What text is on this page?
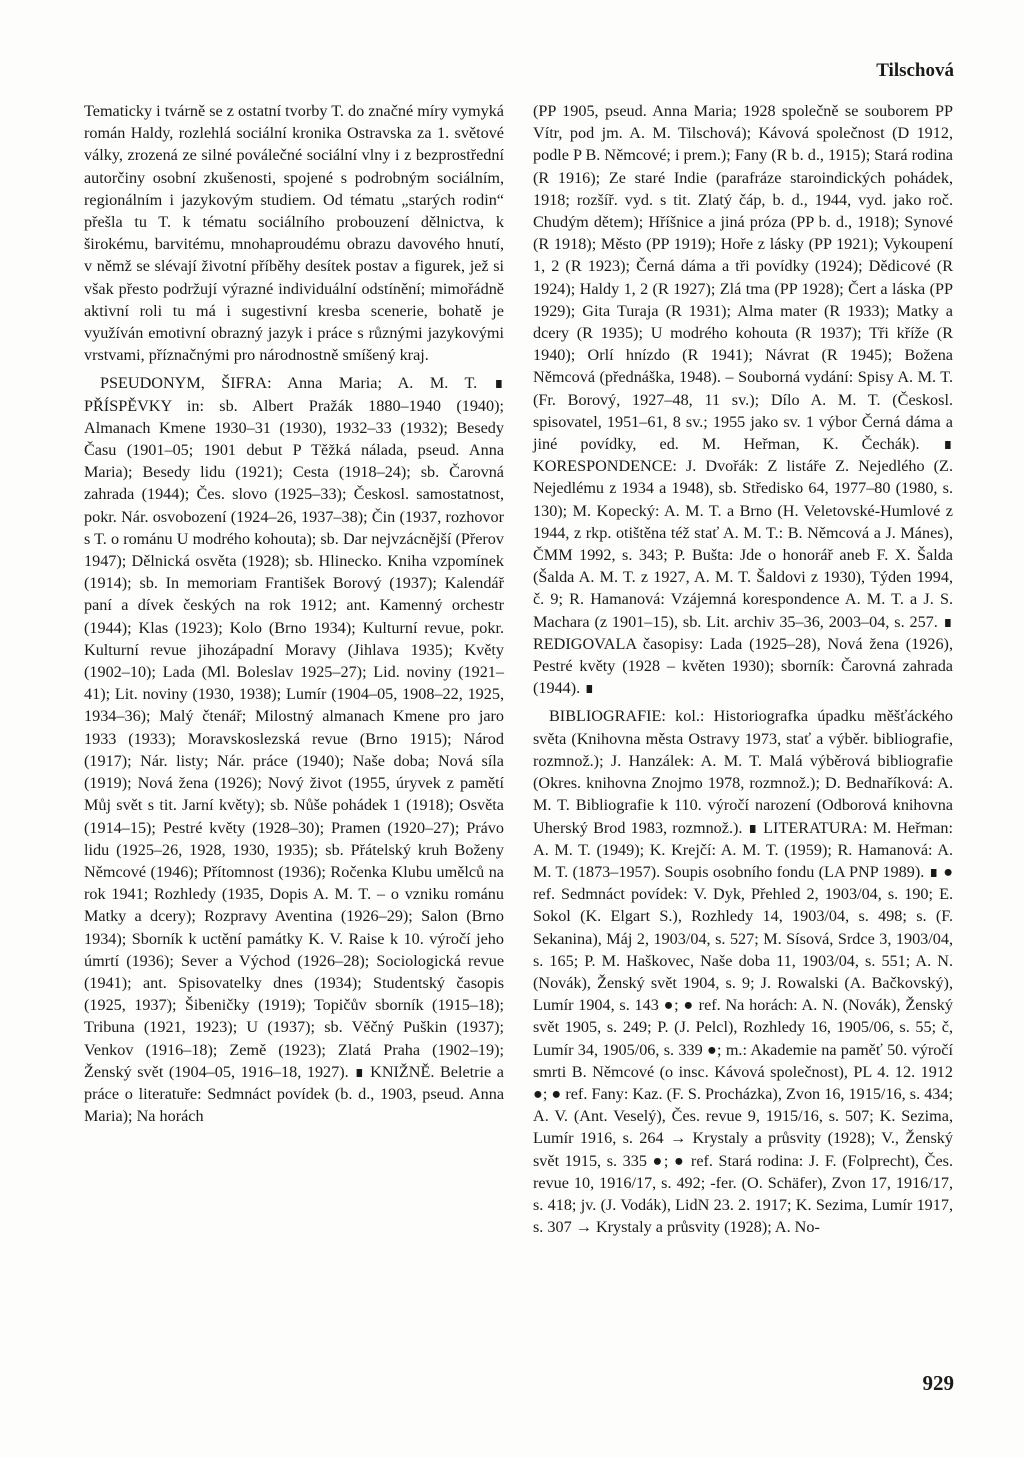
Tilschová

Tematicky i tvárně se z ostatní tvorby T. do značné míry vymyká román Haldy, rozlehlá sociální kronika Ostravska za 1. světové války, zrozená ze silné poválečné sociální vlny i z bezprostřední autorčiny osobní zkušenosti, spojené s podrobným sociálním, regionálním i jazykovým studiem. Od tématu „starých rodin“ přešla tu T. k tématu sociálního probouzení dělnictva, k širokému, barvitému, mnohaproudému obrazu davového hnutí, v němž se slévají životní příběhy desítek postav a figurek, jež si však přesto podržují výrazné individuální odstínění; mimořádně aktivní roli tu má i sugestivní kresba scenerie, bohatě je využíván emotivní obrazný jazyk i práce s různými jazykovými vrstvami, příznačnými pro národnostně smíšený kraj.

PSEUDONYM, ŠIFRA: Anna Maria; A. M. T. ∎ PŘÍSPĚVKY in: sb. Albert Pražák 1880–1940 (1940); Almanach Kmene 1930–31 (1930), 1932–33 (1932); Besedy Času (1901–05; 1901 debut P Těžká nálada, pseud. Anna Maria); Besedy lidu (1921); Cesta (1918–24); sb. Čarovná zahrada (1944); Čes. slovo (1925–33); Českosl. samostatnost, pokr. Nár. osvobození (1924–26, 1937–38); Čin (1937, rozhovor s T. o románu U modrého kohouta); sb. Dar nejvzácnější (Přerov 1947); Dělnická osvěta (1928); sb. Hlinecko. Kniha vzpomínek (1914); sb. In memoriam František Borový (1937); Kalendář paní a dívek českých na rok 1912; ant. Kamenný orchestr (1944); Klas (1923); Kolo (Brno 1934); Kulturní revue, pokr. Kulturní revue jihozápadní Moravy (Jihlava 1935); Květy (1902–10); Lada (Ml. Boleslav 1925–27); Lid. noviny (1921–41); Lit. noviny (1930, 1938); Lumír (1904–05, 1908–22, 1925, 1934–36); Malý čtenář; Milostný almanach Kmene pro jaro 1933 (1933); Moravskoslezská revue (Brno 1915); Národ (1917); Nár. listy; Nár. práce (1940); Naše doba; Nová síla (1919); Nová žena (1926); Nový život (1955, úryvek z pamětí Můj svět s tit. Jarní květy); sb. Nůše pohádek 1 (1918); Osvěta (1914–15); Pestré květy (1928–30); Pramen (1920–27); Právo lidu (1925–26, 1928, 1930, 1935); sb. Přátelský kruh Boženy Němcové (1946); Přítomnost (1936); Ročenka Klubu umělců na rok 1941; Rozhledy (1935, Dopis A. M. T. – o vzniku románu Matky a dcery); Rozpravy Aventina (1926–29); Salon (Brno 1934); Sborník k uctění památky K. V. Raise k 10. výročí jeho úmrtí (1936); Sever a Východ (1926–28); Sociologická revue (1941); ant. Spisovatelky dnes (1934); Studentský časopis (1925, 1937); Šibeničky (1919); Topičův sborník (1915–18); Tribuna (1921, 1923); U (1937); sb. Věčný Puškin (1937); Venkov (1916–18); Země (1923); Zlatá Praha (1902–19); Ženský svět (1904–05, 1916–18, 1927). ∎ KNIŽNĚ. Beletrie a práce o literatuře: Sedmnáct povídek (b. d., 1903, pseud. Anna Maria); Na horách

(PP 1905, pseud. Anna Maria; 1928 společně se souborem PP Vítr, pod jm. A. M. Tilschová); Kávová společnost (D 1912, podle P B. Němcové; i prem.); Fany (R b. d., 1915); Stará rodina (R 1916); Ze staré Indie (parafráze staroindických pohádek, 1918; rozšíř. vyd. s tit. Zlatý čáp, b. d., 1944, vyd. jako roč. Chudým dětem); Hříšnice a jiná próza (PP b. d., 1918); Synové (R 1918); Město (PP 1919); Hoře z lásky (PP 1921); Vykoupení 1, 2 (R 1923); Černá dáma a tři povídky (1924); Dědicové (R 1924); Haldy 1, 2 (R 1927); Zlá tma (PP 1928); Čert a láska (PP 1929); Gita Turaja (R 1931); Alma mater (R 1933); Matky a dcery (R 1935); U modrého kohouta (R 1937); Tři kříže (R 1940); Orlí hnízdo (R 1941); Návrat (R 1945); Božena Němcová (přednáška, 1948). – Souborná vydání: Spisy A. M. T. (Fr. Borový, 1927–48, 11 sv.); Dílo A. M. T. (Českosl. spisovatel, 1951–61, 8 sv.; 1955 jako sv. 1 výbor Černá dáma a jiné povídky, ed. M. Heřman, K. Čechák). ∎ KORESPONDENCE: J. Dvořák: Z listáře Z. Nejedlého (Z. Nejedlému z 1934 a 1948), sb. Středisko 64, 1977–80 (1980, s. 130); M. Kopecký: A. M. T. a Brno (H. Veletovské-Humlové z 1944, z rkp. otištěna též stať A. M. T.: B. Němcová a J. Mánes), ČMM 1992, s. 343; P. Bušta: Jde o honorář aneb F. X. Šalda (Šalda A. M. T. z 1927, A. M. T. Šaldovi z 1930), Týden 1994, č. 9; R. Hamanová: Vzájemná korespondence A. M. T. a J. S. Machara (z 1901–15), sb. Lit. archiv 35–36, 2003–04, s. 257. ∎ REDIGOVALA časopisy: Lada (1925–28), Nová žena (1926), Pestré květy (1928 – květen 1930); sborník: Čarovná zahrada (1944). ∎

BIBLIOGRAFIE: kol.: Historiografka úpadku měšťáckého světa (Knihovna města Ostravy 1973, stať a výběr. bibliografie, rozmnož.); J. Hanzálek: A. M. T. Malá výběrová bibliografie (Okres. knihovna Znojmo 1978, rozmnož.); D. Bednaříková: A. M. T. Bibliografie k 110. výročí narození (Odborová knihovna Uherský Brod 1983, rozmnož.). ∎ LITERATURA: M. Heřman: A. M. T. (1949); K. Krejčí: A. M. T. (1959); R. Hamanová: A. M. T. (1873–1957). Soupis osobního fondu (LA PNP 1989). ∎ ● ref. Sedmnáct povídek: V. Dyk, Přehled 2, 1903/04, s. 190; E. Sokol (K. Elgart S.), Rozhledy 14, 1903/04, s. 498; s. (F. Sekanina), Máj 2, 1903/04, s. 527; M. Sísová, Srdce 3, 1903/04, s. 165; P. M. Haškovec, Naše doba 11, 1903/04, s. 551; A. N. (Novák), Ženský svět 1904, s. 9; J. Rowalski (A. Bačkovský), Lumír 1904, s. 143 ●; ● ref. Na horách: A. N. (Novák), Ženský svět 1905, s. 249; P. (J. Pelcl), Rozhledy 16, 1905/06, s. 55; č, Lumír 34, 1905/06, s. 339 ●; m.: Akademie na paměť 50. výročí smrti B. Němcové (o insc. Kávová společnost), PL 4. 12. 1912 ●; ● ref. Fany: Kaz. (F. S. Procházka), Zvon 16, 1915/16, s. 434; A. V. (Ant. Veselý), Čes. revue 9, 1915/16, s. 507; K. Sezima, Lumír 1916, s. 264 → Krystaly a průsvity (1928); V., Ženský svět 1915, s. 335 ●; ● ref. Stará rodina: J. F. (Folprecht), Čes. revue 10, 1916/17, s. 492; -fer. (O. Schäfer), Zvon 17, 1916/17, s. 418; jv. (J. Vodák), LidN 23. 2. 1917; K. Sezima, Lumír 1917, s. 307 → Krystaly a průsvity (1928); A. No-

929
